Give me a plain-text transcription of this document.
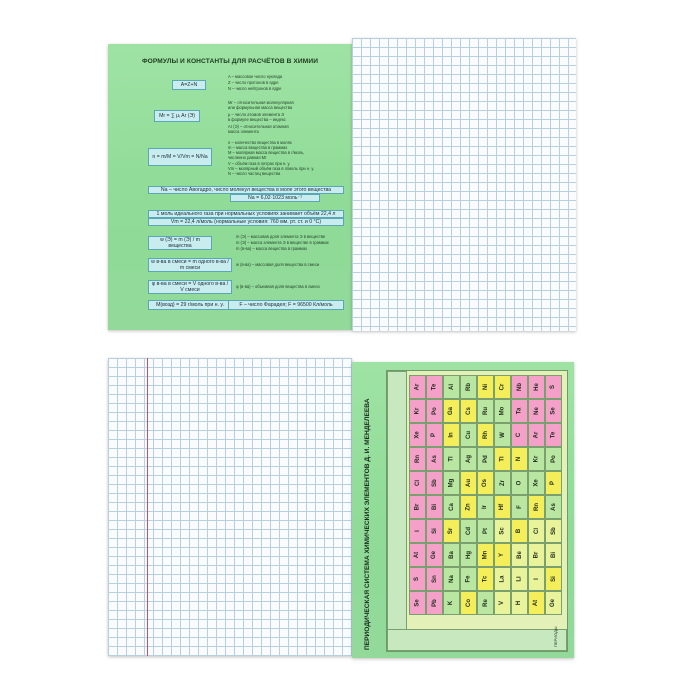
ФОРМУЛЫ И КОНСТАНТЫ ДЛЯ РАСЧЁТОВ В ХИМИИ
A=Z+N
Mr = ∑ μᵢ Ar (Э)
n = m/M = V/Vm = N/Na
Na – число Авогадро, число молекул вещества в моле этого вещества
Na = 6,02·1023 моль⁻¹
1 моль идеального газа при нормальных условиях занимает объём 22,4 л
Vm = 22,4 л/моль (нормальные условия: 760 мм. рт. ст. и 0 °C)
w (Э) = m (Э) / m вещества
w в-ва в смеси = m одного в-ва / m смеси
φ в-ва в смеси = V одного в-ва / V смеси
M(возд) = 29 г/моль при н. у.	F – число Фарадея; F = 96500 Кл/моль
A – массовое число нуклида
Z – число протонов в ядре
N – число нейтронов в ядре
Mr – относительная молекулярная
или формульная масса вещества
μ – число атомов элемента Э
в формуле вещества – индекс
Ar (Э) – относительная атомная
масса элемента
n – количество вещества в молях
m – масса вещества в граммах
M – молярная масса вещества в г/моль,
численно равная Mr
V – объём газа в литрах при н. у.
Vm – молярный объём газа в л/моль при н. у.
N – число частиц вещества
m (Э) – массовая доля элемента Э в веществе
m (Э) – масса элемента Э в веществе в граммах
m (в-ва) – масса вещества в граммах
w (в-ва) – массовая доля вещества в смеси
φ (в-ва) – объемная доля вещества в смеси
ПЕРИОДИЧЕСКАЯ СИСТЕМА ХИМИЧЕСКИХ ЭЛЕМЕНТОВ Д. И. МЕНДЕЛЕЕВА
Ar
Kr
Xe
Rn
Cl
Br
I
At
S
Se
Te
Po
P
As
Sb
Bi
Si
Ge
Sn
Pb
Al
Ga
In
Tl
Mg
Ca
Sr
Ba
Na
K
Rb
Cs
Cu
Ag
Au
Zn
Cd
Hg
Fe
Co
Ni
Ru
Rh
Pd
Os
Ir
Pt
Mn
Tc
Re
Cr
Mo
W
Ti
Zr
Hf
Sc
Y
La
V
Nb
Ta
C
N
O
F
B
Be
Li
H
He
Ne
Ar
Kr
Xe
Rn
Cl
Br
I
At
S
Se
Te
Po
P
As
Sb
Bi
Si
Ge
ПЕРИОДЫ
